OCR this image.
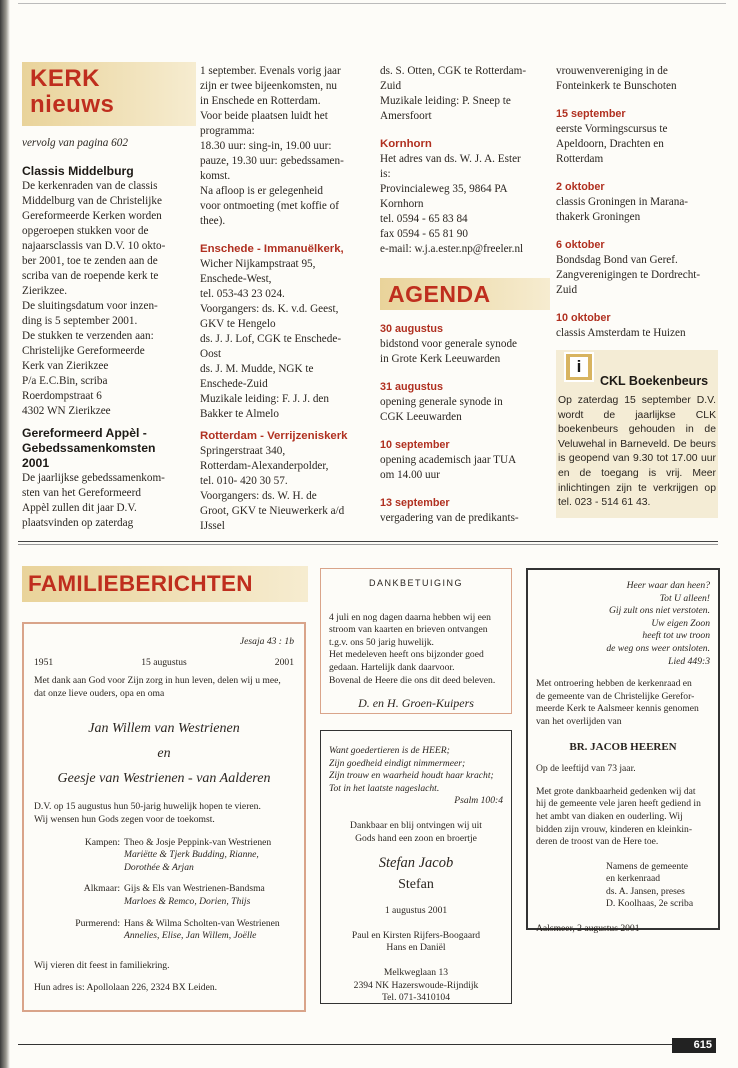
KERK
nieuws

vervolg van pagina 602

Classis Middelburg

De kerkenraden van de classis

Middelburg van de Christelijke

Gereformeerde Kerken worden

opgeroepen stukken voor de

najaarsclassis van D.V. 10 okto-

ber 2001, toe te zenden aan de

scriba van de roepende kerk te

Zierikzee.

De sluitingsdatum voor inzen-

ding is 5 september 2001.

De stukken te verzenden aan:

Christelijke Gereformeerde

Kerk van Zierikzee

P/a E.C.Bin, scriba

Roerdompstraat 6

4302 WN Zierikzee

Gereformeerd Appèl -

Gebedssamenkomsten

2001

De jaarlijkse gebedssamenkom-

sten van het Gereformeerd

Appèl zullen dit jaar D.V.

plaatsvinden op zaterdag

1 september. Evenals vorig jaar

zijn er twee bijeenkomsten, nu

in Enschede en Rotterdam.

Voor beide plaatsen luidt het

programma:

18.30 uur: sing-in, 19.00 uur:

pauze, 19.30 uur: gebedssamen-

komst.

Na afloop is er gelegenheid

voor ontmoeting (met koffie of

thee).

Enschede - Immanuëlkerk,

Wicher Nijkampstraat 95,

Enschede-West,

tel. 053-43 23 024.

Voorgangers: ds. K. v.d. Geest,

GKV te Hengelo

ds. J. J. Lof, CGK te Enschede-

Oost

ds. J. M. Mudde, NGK te

Enschede-Zuid

Muzikale leiding: F. J. J. den

Bakker te Almelo

Rotterdam - Verrijzeniskerk

Springerstraat 340,

Rotterdam-Alexanderpolder,

tel. 010- 420 30 57.

Voorgangers: ds. W. H. de

Groot, GKV te Nieuwerkerk a/d

IJssel

ds. S. Otten, CGK te Rotterdam-

Zuid

Muzikale leiding: P. Sneep te

Amersfoort

Kornhorn

Het adres van ds. W. J. A. Ester

is:

Provincialeweg 35, 9864 PA

Kornhorn

tel. 0594 - 65 83 84

fax 0594 - 65 81 90

e-mail: w.j.a.ester.np@freeler.nl

AGENDA

30 augustus

bidstond voor generale synode

in Grote Kerk Leeuwarden

31 augustus

opening generale synode in

CGK Leeuwarden

10 september

opening academisch jaar TUA

om 14.00 uur

13 september

vergadering van de predikants-

vrouwenvereniging in de

Fonteinkerk te Bunschoten

15 september

eerste Vormingscursus te

Apeldoorn, Drachten en

Rotterdam

2 oktober

classis Groningen in Marana-

thakerk Groningen

6 oktober

Bondsdag Bond van Geref.

Zangverenigingen te Dordrecht-

Zuid

10 oktober

classis Amsterdam te Huizen

i
CKL Boekenbeurs
Op zaterdag 15 september D.V. wordt de jaarlijkse CLK boekenbeurs gehouden in de Veluwehal in Barneveld. De beurs is geopend van 9.30 tot 17.00 uur en de toegang is vrij. Meer inlichtingen zijn te verkrijgen op tel. 023 - 514 61 43.
FAMILIEBERICHTEN

Jesaja 43 : 1b

1951	15 augustus	2001

Met dank aan God voor Zijn zorg in hun leven, delen wij u mee,

dat onze lieve ouders, opa en oma

Jan Willem van Westrienen

en

Geesje van Westrienen - van Aalderen

D.V. op 15 augustus hun 50-jarig huwelijk hopen te vieren.

Wij wensen hun Gods zegen voor de toekomst.

Kampen: Theo & Josje Peppink-van Westrienen

Mariëtte & Tjerk Budding, Rianne,

Dorothée & Arjan

Alkmaar: Gijs & Els van Westrienen-Bandsma

Marloes & Remco, Dorien, Thijs

Purmerend: Hans & Wilma Scholten-van Westrienen

Annelies, Elise, Jan Willem, Joëlle

Wij vieren dit feest in familiekring.

Hun adres is: Apollolaan 226, 2324 BX Leiden.

DANKBETUIGING

4 juli en nog dagen daarna hebben wij een

stroom van kaarten en brieven ontvangen

t.g.v. ons 50 jarig huwelijk.

Het medeleven heeft ons bijzonder goed

gedaan. Hartelijk dank daarvoor.

Bovenal de Heere die ons dit deed beleven.

D. en H. Groen-Kuipers

Want goedertieren is de HEER;

Zijn goedheid eindigt nimmermeer;

Zijn trouw en waarheid houdt haar kracht;

Tot in het laatste nageslacht.

Psalm 100:4

Dankbaar en blij ontvingen wij uit

Gods hand een zoon en broertje

Stefan Jacob

Stefan

1 augustus 2001

Paul en Kirsten Rijfers-Boogaard

Hans en Daniël

Melkweglaan 13

2394 NK Hazerswoude-Rijndijk

Tel. 071-3410104

Heer waar dan heen?

Tot U alleen!

Gij zult ons niet verstoten.

Uw eigen Zoon

heeft tot uw troon

de weg ons weer ontsloten.

Lied 449:3

Met ontroering hebben de kerkenraad en

de gemeente van de Christelijke Gerefor-

meerde Kerk te Aalsmeer kennis genomen

van het overlijden van

BR. JACOB HEEREN

Op de leeftijd van 73 jaar.

Met grote dankbaarheid gedenken wij dat

hij de gemeente vele jaren heeft gediend in

het ambt van diaken en ouderling. Wij

bidden zijn vrouw, kinderen en kleinkin-

deren de troost van de Here toe.

Namens de gemeente

en kerkenraad

ds. A. Jansen, preses

D. Koolhaas, 2e scriba

Aalsmeer, 2 augustus 2001

615
